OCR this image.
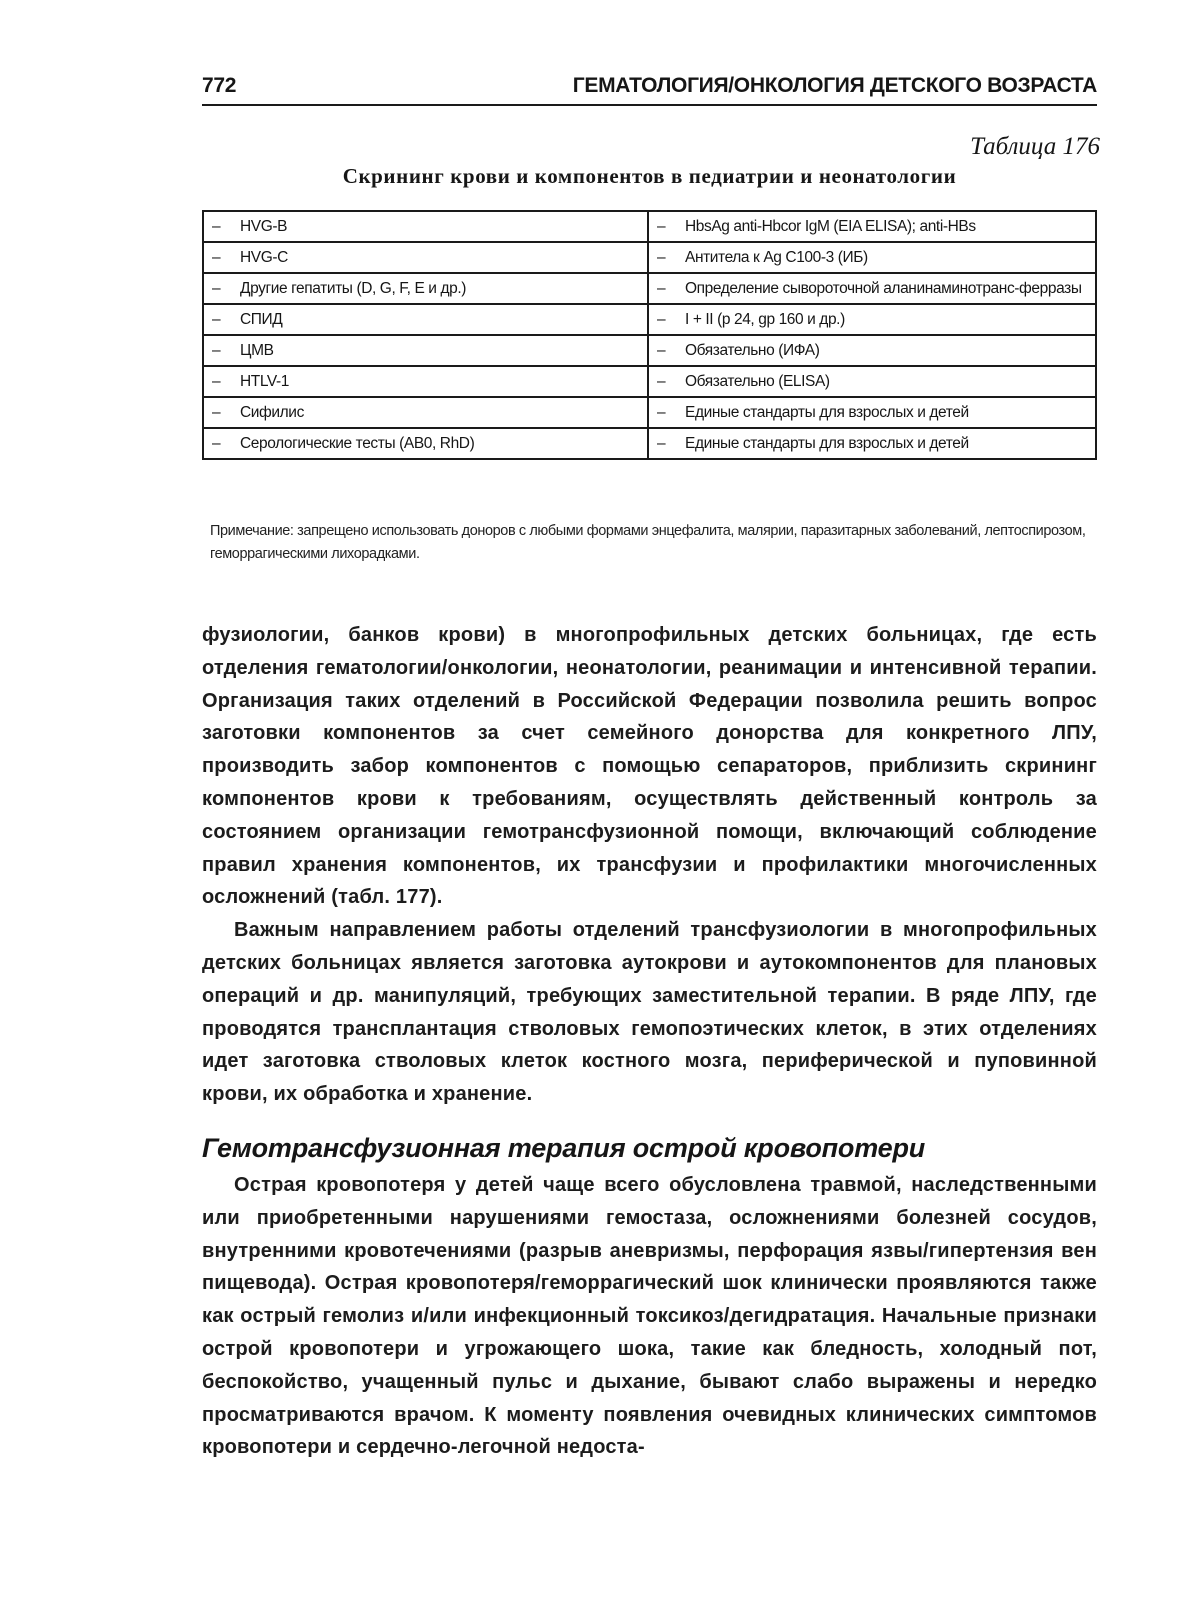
772	ГЕМАТОЛОГИЯ/ОНКОЛОГИЯ ДЕТСКОГО ВОЗРАСТА
Таблица 176
Скрининг крови и компонентов в педиатрии и неонатологии
– HVG-B	– HbsAg anti-Hbcor IgM (EIA ELISA); anti-HBs
– HVG-C	– Антитела к Ag C100-3 (ИБ)
– Другие гепатиты (D, G, F, E и др.)	– Определение сывороточной аланинаминотранс-ферразы
– СПИД	– I + II (p 24, gp 160 и др.)
– ЦМВ	– Обязательно (ИФА)
– HTLV-1	– Обязательно (ELISA)
– Сифилис	– Единые стандарты для взрослых и детей
– Серологические тесты (AB0, RhD)	– Единые стандарты для взрослых и детей
Примечание: запрещено использовать доноров с любыми формами энцефалита, малярии, паразитарных заболеваний, лептоспирозом, геморрагическими лихорадками.

фузиологии, банков крови) в многопрофильных детских больницах, где есть отделения гематологии/онкологии, неонатологии, реанимации и интенсивной терапии. Организация таких отделений в Российской Федерации позволила решить вопрос заготовки компонентов за счет семейного донорства для конкретного ЛПУ, производить забор компонентов с помощью сепараторов, приблизить скрининг компонентов крови к требованиям, осуществлять действенный контроль за состоянием организации гемотрансфузионной помощи, включающий соблюдение правил хранения компонентов, их трансфузии и профилактики многочисленных осложнений (табл. 177).

Важным направлением работы отделений трансфузиологии в многопрофильных детских больницах является заготовка аутокрови и аутокомпонентов для плановых операций и др. манипуляций, требующих заместительной терапии. В ряде ЛПУ, где проводятся трансплантация стволовых гемопоэтических клеток, в этих отделениях идет заготовка стволовых клеток костного мозга, периферической и пуповинной крови, их обработка и хранение.

Гемотрансфузионная терапия острой кровопотери

Острая кровопотеря у детей чаще всего обусловлена травмой, наследственными или приобретенными нарушениями гемостаза, осложнениями болезней сосудов, внутренними кровотечениями (разрыв аневризмы, перфорация язвы/гипертензия вен пищевода). Острая кровопотеря/геморрагический шок клинически проявляются также как острый гемолиз и/или инфекционный токсикоз/дегидратация. Начальные признаки острой кровопотери и угрожающего шока, такие как бледность, холодный пот, беспокойство, учащенный пульс и дыхание, бывают слабо выражены и нередко просматриваются врачом. К моменту появления очевидных клинических симптомов кровопотери и сердечно-легочной недоста-
